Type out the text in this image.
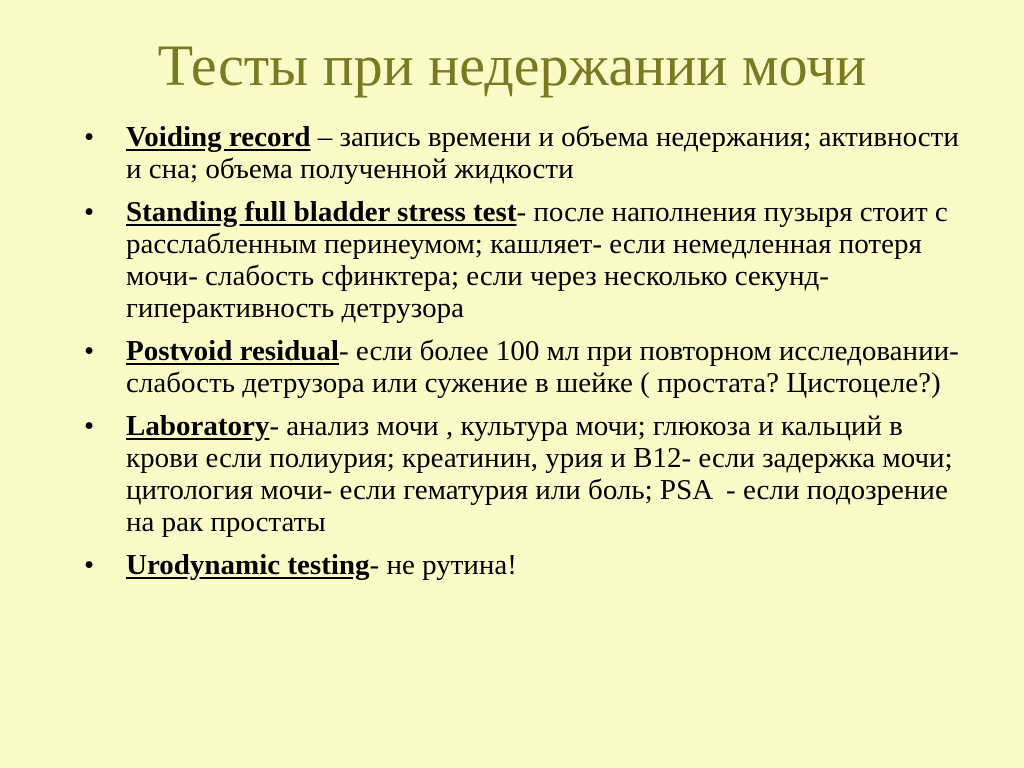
Тесты при недержании мочи
•	Voiding record – запись времени и объема недержания; активности и сна; объема полученной жидкости
•	Standing full bladder stress test- после наполнения пузыря стоит с расслабленным перинеумом; кашляет- если немедленная потеря мочи- слабость сфинктера; если через несколько секунд- гиперактивность детрузора
•	Postvoid residual- если более 100 мл при повторном исследовании- слабость детрузора или сужение в шейке ( простата? Цистоцеле?)
•	Laboratory- анализ мочи , культура мочи; глюкоза и кальций в крови если полиурия; креатинин, урия и В12- если задержка мочи; цитология мочи- если гематурия или боль; PSA  - если подозрение на рак простаты
•	Urodynamic testing- не рутина!
